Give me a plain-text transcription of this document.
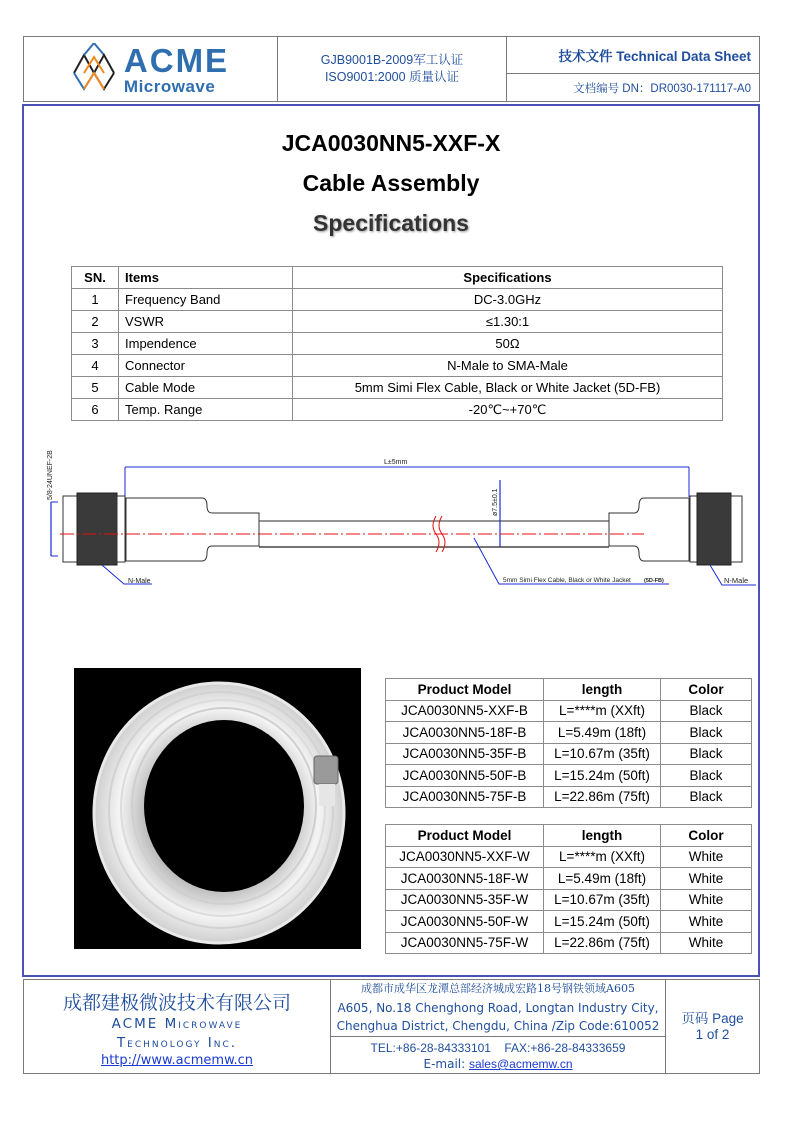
ACME
Microwave
GJB9001B-2009军工认证
ISO9001:2000 质量认证
技术文件 Technical Data Sheet
文档编号 DN：DR0030-171117-A0
JCA0030NN5-XXF-X
Cable Assembly
Specifications
SN.	Items	Specifications
1	Frequency Band	DC-3.0GHz
2	VSWR	≤1.30:1
3	Impendence	50Ω
4	Connector	N-Male to SMA-Male
5	Cable Mode	5mm Simi Flex Cable, Black or White Jacket (5D-FB)
6	Temp. Range	-20℃~+70℃
5/8-24UNEF-2B	L±5mm
ø7.5±0.1
N-Male	5mm Simi Flex Cable, Black or White Jacket (5D-FB)	N-Male
Product Model	length	Color
JCA0030NN5-XXF-B	L=****m (XXft)	Black
JCA0030NN5-18F-B	L=5.49m (18ft)	Black
JCA0030NN5-35F-B	L=10.67m (35ft)	Black
JCA0030NN5-50F-B	L=15.24m (50ft)	Black
JCA0030NN5-75F-B	L=22.86m (75ft)	Black
Product Model	length	Color
JCA0030NN5-XXF-W	L=****m (XXft)	White
JCA0030NN5-18F-W	L=5.49m (18ft)	White
JCA0030NN5-35F-W	L=10.67m (35ft)	White
JCA0030NN5-50F-W	L=15.24m (50ft)	White
JCA0030NN5-75F-W	L=22.86m (75ft)	White
成都建极微波技术有限公司
ACME Microwave
Technology Inc.
http://www.acmemw.cn
成都市成华区龙潭总部经济城成宏路18号钢铁领域A605
A605, No.18 Chenghong Road, Longtan Industry City,
Chenghua District, Chengdu, China /Zip Code:610052
TEL:+86-28-84333101 FAX:+86-28-84333659
E-mail: sales@acmemw.cn
页码 Page
1 of 2
